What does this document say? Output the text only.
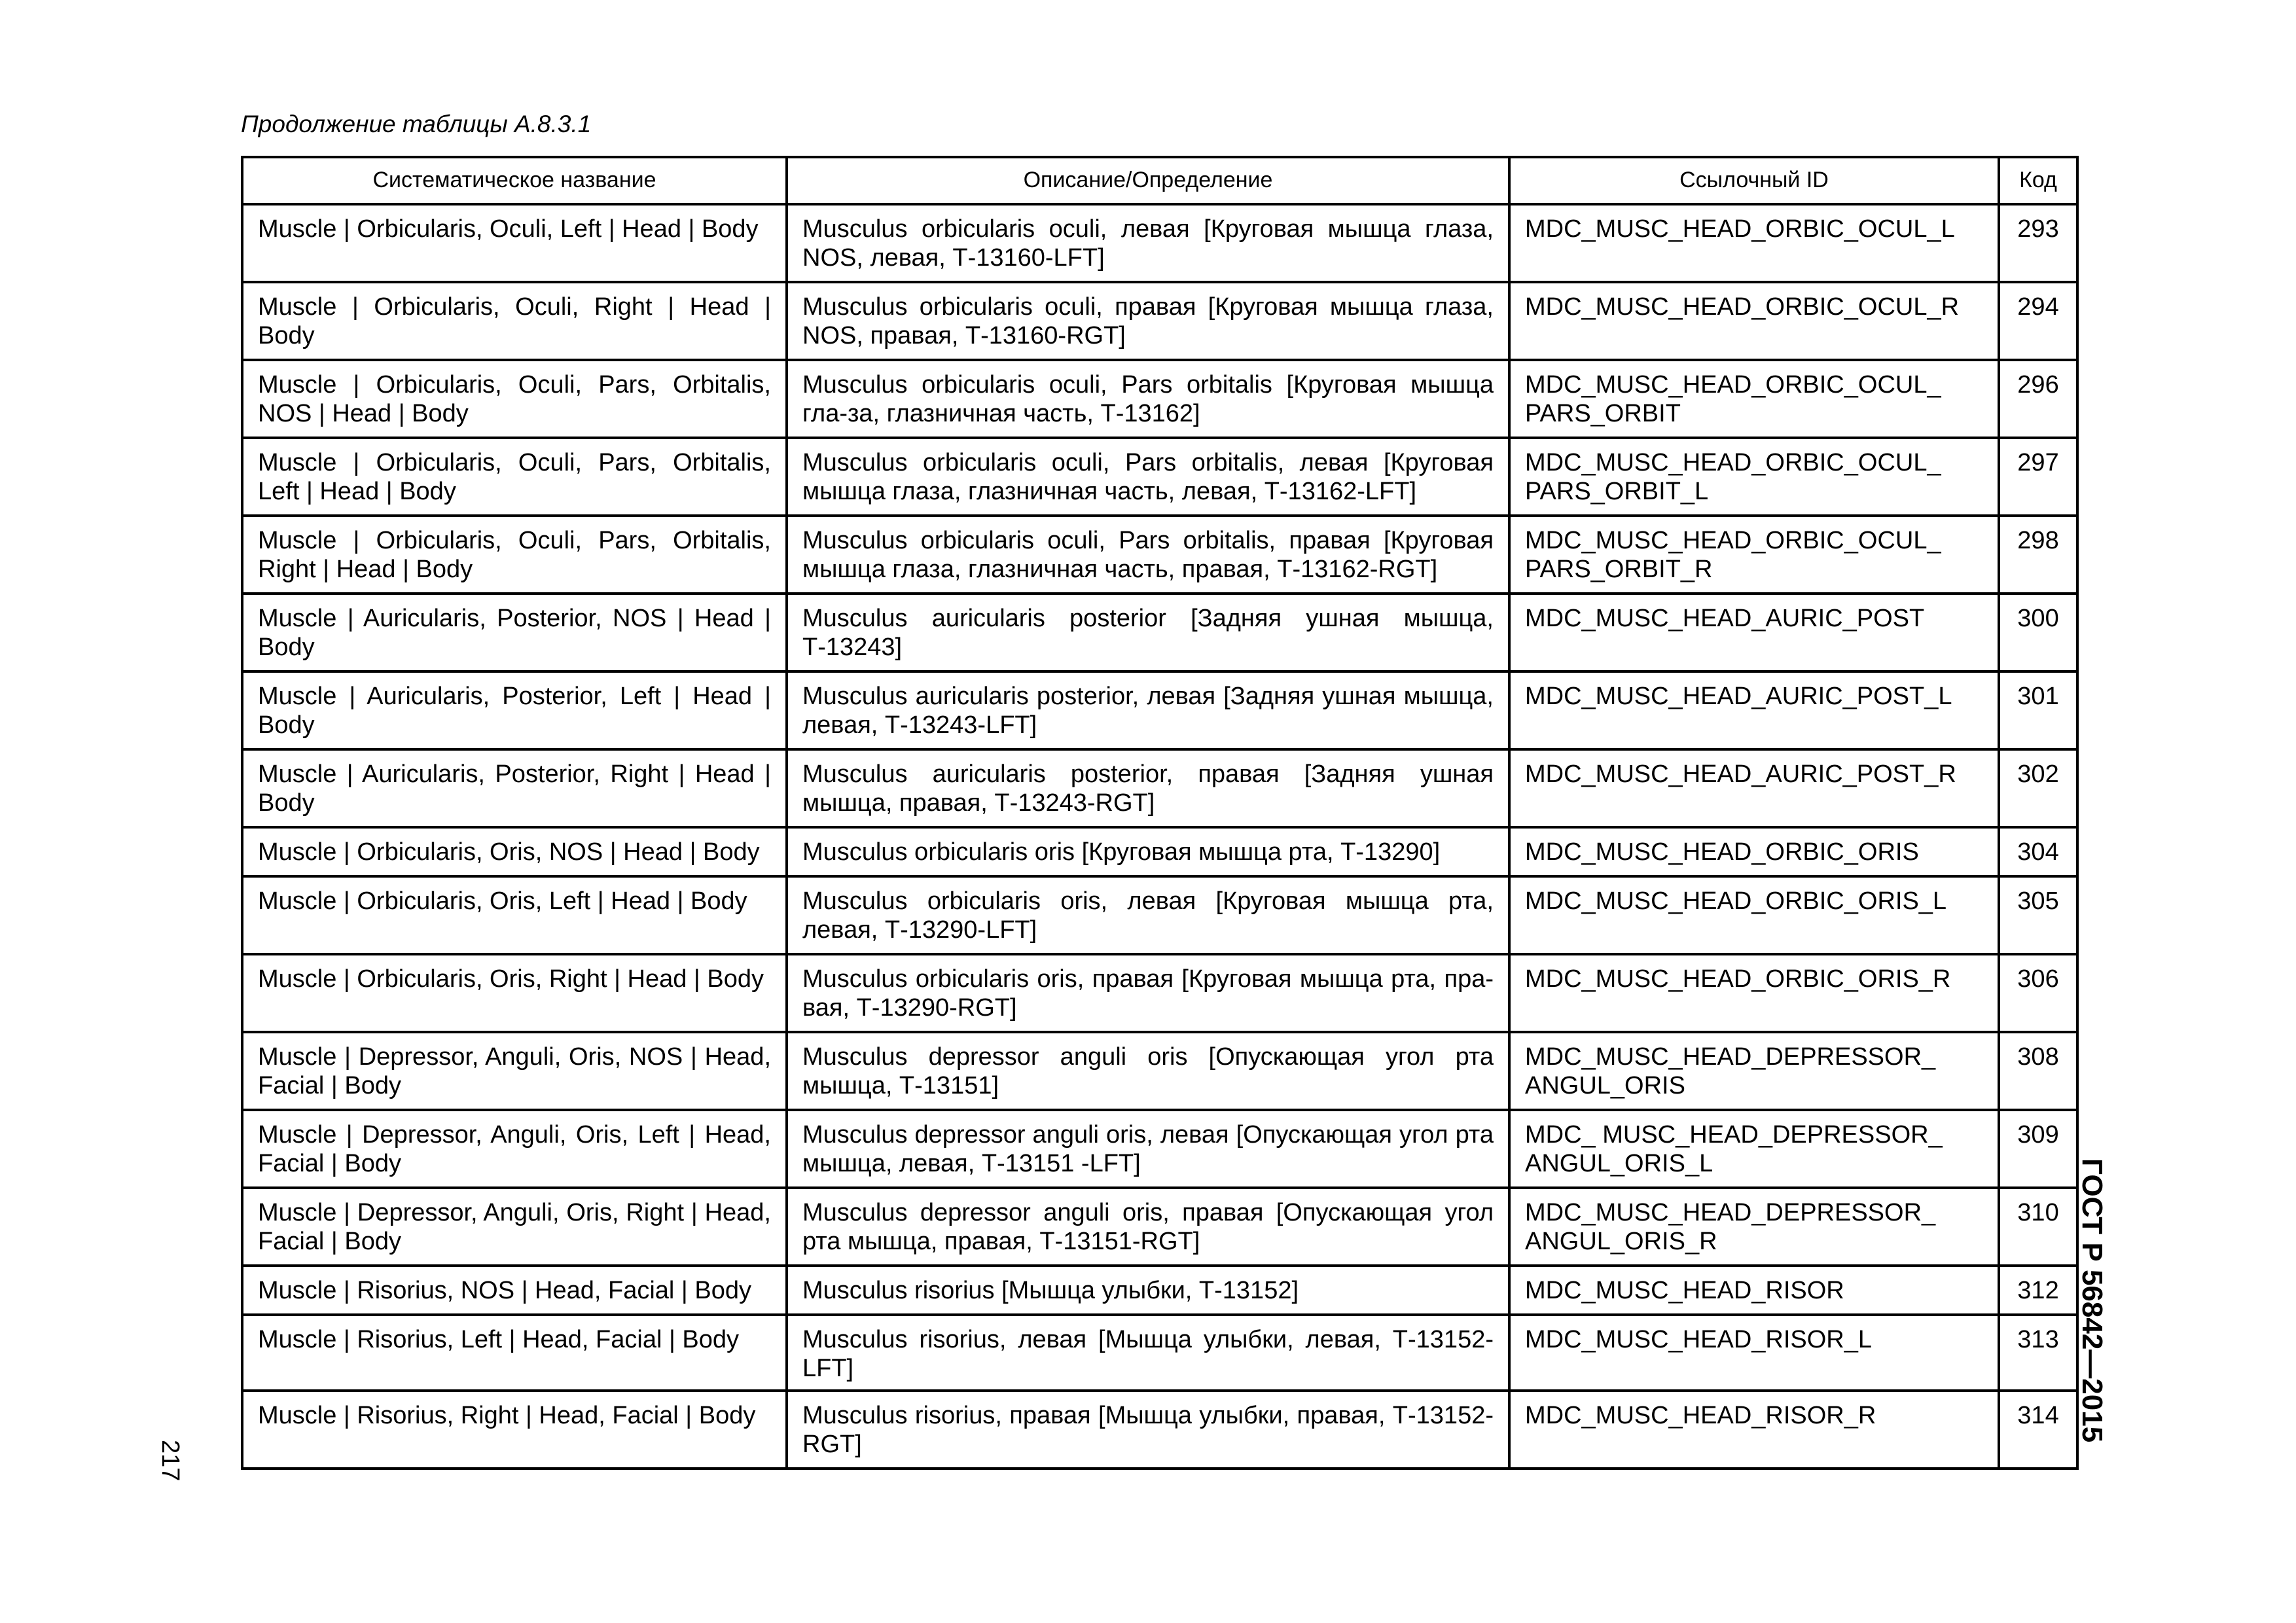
Продолжение таблицы А.8.3.1
Систематическое название	Описание/Определение	Ссылочный ID	Код

Muscle | Orbicularis, Oculi, Left | Head | Body	Musculus orbicularis oculi, левая [Круговая мышца глаза, NOS, левая, Т-13160-LFT]	MDC_MUSC_HEAD_ORBIC_OCUL_L	293
Muscle | Orbicularis, Oculi, Right | Head | Body	Musculus orbicularis oculi, правая [Круговая мышца глаза, NOS, правая, Т-13160-RGT]	MDC_MUSC_HEAD_ORBIC_OCUL_R	294
Muscle | Orbicularis, Oculi, Pars, Orbitalis, NOS | Head | Body	Musculus orbicularis oculi, Pars orbitalis [Круговая мышца гла-за, глазничная часть, Т-13162]	MDC_MUSC_HEAD_ORBIC_OCUL_ PARS_ORBIT	296
Muscle | Orbicularis, Oculi, Pars, Orbitalis, Left | Head | Body	Musculus orbicularis oculi, Pars orbitalis, левая [Круговая мышца глаза, глазничная часть, левая, Т-13162-LFT]	MDC_MUSC_HEAD_ORBIC_OCUL_ PARS_ORBIT_L	297
Muscle | Orbicularis, Oculi, Pars, Orbitalis, Right | Head | Body	Musculus orbicularis oculi, Pars orbitalis, правая [Круговая мышца глаза, глазничная часть, правая, Т-13162-RGT]	MDC_MUSC_HEAD_ORBIC_OCUL_ PARS_ORBIT_R	298
Muscle | Auricularis, Posterior, NOS | Head | Body	Musculus auricularis posterior [Задняя ушная мышца, Т-13243]	MDC_MUSC_HEAD_AURIC_POST	300
Muscle | Auricularis, Posterior, Left | Head | Body	Musculus auricularis posterior, левая [Задняя ушная мышца, левая, Т-13243-LFT]	MDC_MUSC_HEAD_AURIC_POST_L	301
Muscle | Auricularis, Posterior, Right | Head | Body	Musculus auricularis posterior, правая [Задняя ушная мышца, правая, Т-13243-RGT]	MDC_MUSC_HEAD_AURIC_POST_R	302
Muscle | Orbicularis, Oris, NOS | Head | Body	Musculus orbicularis oris [Круговая мышца рта, Т-13290]	MDC_MUSC_HEAD_ORBIC_ORIS	304
Muscle | Orbicularis, Oris, Left | Head | Body	Musculus orbicularis oris, левая [Круговая мышца рта, левая, Т-13290-LFT]	MDC_MUSC_HEAD_ORBIC_ORIS_L	305
Muscle | Orbicularis, Oris, Right | Head | Body	Musculus orbicularis oris, правая [Круговая мышца рта, пра-вая, Т-13290-RGT]	MDC_MUSC_HEAD_ORBIC_ORIS_R	306
Muscle | Depressor, Anguli, Oris, NOS | Head, Facial | Body	Musculus depressor anguli oris [Опускающая угол рта мышца, Т-13151]	MDC_MUSC_HEAD_DEPRESSOR_ ANGUL_ORIS	308
Muscle | Depressor, Anguli, Oris, Left | Head, Facial | Body	Musculus depressor anguli oris, левая [Опускающая угол рта мышца, левая, Т-13151 -LFT]	MDC_ MUSC_HEAD_DEPRESSOR_ ANGUL_ORIS_L	309
Muscle | Depressor, Anguli, Oris, Right | Head, Facial | Body	Musculus depressor anguli oris, правая [Опускающая угол рта мышца, правая, Т-13151-RGT]	MDC_MUSC_HEAD_DEPRESSOR_ ANGUL_ORIS_R	310
Muscle | Risorius, NOS | Head, Facial | Body	Musculus risorius [Мышца улыбки, Т-13152]	MDC_MUSC_HEAD_RISOR	312
Muscle | Risorius, Left | Head, Facial | Body	Musculus risorius, левая [Мышца улыбки, левая, Т-13152-LFT]	MDC_MUSC_HEAD_RISOR_L	313
Muscle | Risorius, Right | Head, Facial | Body	Musculus risorius, правая [Мышца улыбки, правая, Т-13152-RGT]	MDC_MUSC_HEAD_RISOR_R	314 ГОСТ Р 56842—2015
217
